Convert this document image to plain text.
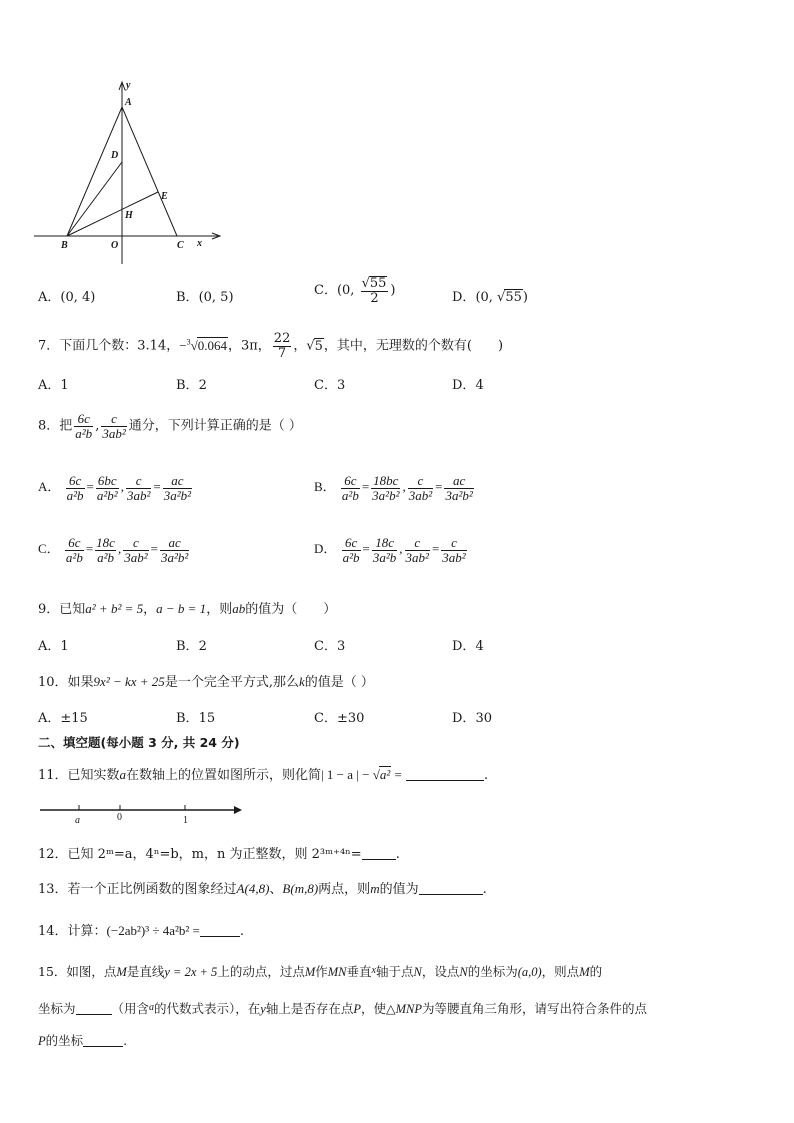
y
A
D
E
H
B	O	C x
A．(0, 4)	B．(0, 5)	C．(0, $\frac{√55}{2}$ )	D．(0, √55)
7．下面几个数：3.14，−$^3$√0.064，3π， $\frac{22}{7}$ ，√5，其中，无理数的个数有(　　)
A．1	B．2	C．3	D．4
8．把 $\frac{6c}{\text{a²b}}$ , $\frac{c}{\text{3ab²}}$ 通分，下列计算正确的是（ ）
A． $\frac{6c}{\text{a²b}} = \frac{6bc}{\text{a²b²}}$ , $\frac{c}{\text{3ab²}} = \frac{ac}{\text{3a²b²}}$	B． $\frac{6c}{\text{a²b}} = \frac{18bc}{\text{3a²b²}}$ , $\frac{c}{\text{3ab²}} = \frac{ac}{\text{3a²b²}}$
C． $\frac{6c}{\text{a²b}} = \frac{18c}{\text{a²b}}$ , $\frac{c}{\text{3ab²}} = \frac{ac}{\text{3a²b²}}$	D． $\frac{6c}{\text{a²b}} = \frac{18c}{\text{3a²b}}$ , $\frac{c}{\text{3ab²}} = \frac{c}{\text{3ab²}}$
9．已知a² + b² = 5，a − b = 1，则ab的值为（　　）
A．1	B．2	C．3	D．4
10．如果9x² − kx + 25是一个完全平方式,那么k的值是（ ）
A．±15	B．15	C．±30	D．30
二、填空题(每小题 3 分, 共 24 分)
11．已知实数a在数轴上的位置如图所示，则化简| 1 − a | − √a² =	.
a	0	1
12．已知 2ᵐ=a，4ⁿ=b，m，n 为正整数，则 2³ᵐ⁺⁴ⁿ=	.
13．若一个正比例函数的图象经过A(4,8)、B(m,8)两点，则m的值为	.
14．计算：(−2ab²)³ ÷ 4a²b² =	.
15．如图，点M是直线y = 2x + 5上的动点，过点M作MN垂直$^x$轴于点N，设点N的坐标为(a,0)，则点M的
坐标为	（用含$^a$的代数式表示），在y轴上是否存在点P，使△MNP为等腰直角三角形，请写出符合条件的点
P的坐标	.
